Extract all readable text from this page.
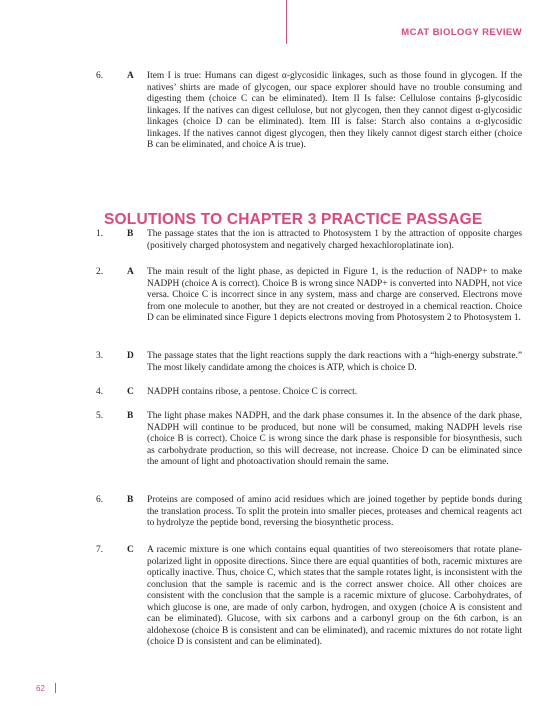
MCAT BIOLOGY REVIEW
6.	A Item I is true: Humans can digest α-glycosidic linkages, such as those found in glycogen. If the natives’ shirts are made of glycogen, our space explorer should have no trouble consuming and digesting them (choice C can be eliminated). Item II Is false: Cellulose contains β-glycosidic linkages. If the natives can digest cellulose, but not glycogen, then they cannot digest α-glycosidic linkages (choice D can be eliminated). Item III is false: Starch also contains a α-glycosidic linkages. If the natives cannot digest glycogen, then they likely cannot digest starch either (choice B can be eliminated, and choice A is true).
SOLUTIONS TO CHAPTER 3 PRACTICE PASSAGE
1.	B The passage states that the ion is attracted to Photosystem 1 by the attraction of opposite charges (positively charged photosystem and negatively charged hexachloroplatinate ion).
2.	A The main result of the light phase, as depicted in Figure 1, is the reduction of NADP+ to make NADPH (choice A is correct). Choice B is wrong since NADP+ is converted into NADPH, not vice versa. Choice C is incorrect since in any system, mass and charge are conserved. Electrons move from one molecule to another, but they are not created or destroyed in a chemical reaction. Choice D can be eliminated since Figure 1 depicts electrons moving from Photosystem 2 to Photosystem 1.
3.	D The passage states that the light reactions supply the dark reactions with a “high-energy substrate.” The most likely candidate among the choices is ATP, which is choice D.
4.	C NADPH contains ribose, a pentose. Choice C is correct.
5.	B The light phase makes NADPH, and the dark phase consumes it. In the absence of the dark phase, NADPH will continue to be produced, but none will be consumed, making NADPH levels rise (choice B is correct). Choice C is wrong since the dark phase is responsible for biosynthesis, such as carbohydrate production, so this will decrease, not increase. Choice D can be eliminated since the amount of light and photoactivation should remain the same.
6.	B Proteins are composed of amino acid residues which are joined together by peptide bonds during the translation process. To split the protein into smaller pieces, proteases and chemical reagents act to hydrolyze the peptide bond, reversing the biosynthetic process.
7.	C A racemic mixture is one which contains equal quantities of two stereoisomers that rotate plane-polarized light in opposite directions. Since there are equal quantities of both, racemic mixtures are optically inactive. Thus, choice C, which states that the sample rotates light, is inconsistent with the conclusion that the sample is racemic and is the correct answer choice. All other choices are consistent with the conclusion that the sample is a racemic mixture of glucose. Carbohydrates, of which glucose is one, are made of only carbon, hydrogen, and oxygen (choice A is consistent and can be eliminated). Glucose, with six carbons and a carbonyl group on the 6th carbon, is an aldohexose (choice B is consistent and can be eliminated), and racemic mixtures do not rotate light (choice D is consistent and can be eliminated).
62
